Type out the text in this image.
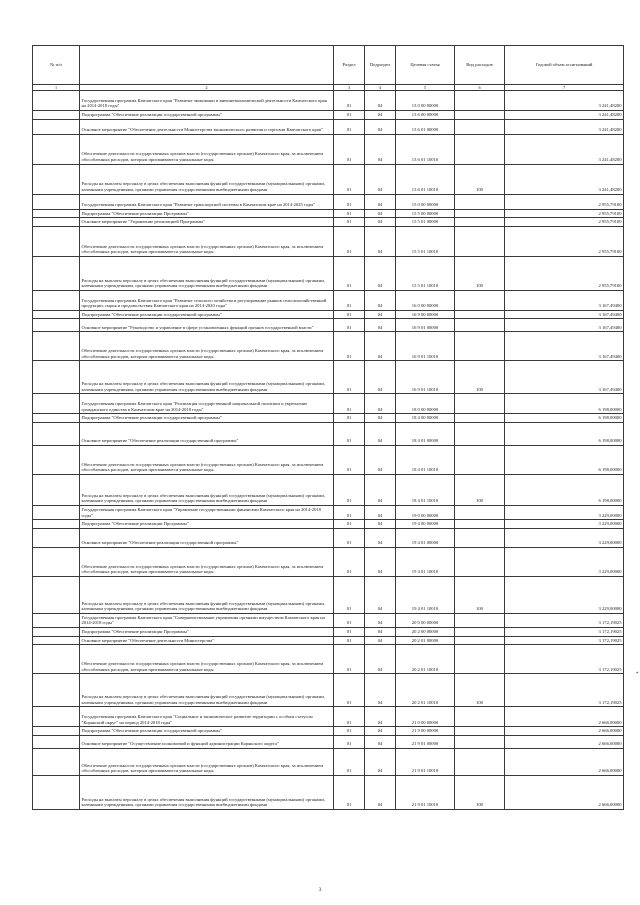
№ п/п		Раздел	Подраздел	Целевая статья	Вид расходов	Годовой объем ассигнований
1	2	3	4	5	6	7
	Государственная программа Камчатского края "Развитие экономики и внешнеэкономической деятельности Камчатского края на 2014-2018 годы"	01	04	13 0 00 00000		3 241,48200
	Подпрограмма "Обеспечение реализации государственной программы"	01	04	13 6 00 00000		3 241,48200
	Основное мероприятие "Обеспечение деятельности Министерства экономического развития и торговли Камчатского края"	01	04	13 6 01 00000		3 241,48200
	Обеспечение деятельности государственных органов власти (государственных органов) Камчатского края, за исключением обособленных расходов, которым присваиваются уникальные коды.	01	04	13 6 01 10010		3 241,48200
	Расходы на выплаты персоналу в целях обеспечения выполнения функций государственными (муниципальными) органами, казенными учреждениями, органами управления государственными внебюджетными фондами	01	04	13 6 01 10010	100	3 241,48200
	Государственная программа Камчатского края "Развитие транспортной системы в Камчатском крае на 2014-2025 годы"	01	04	15 0 00 00000		2 955,79100
	Подпрограмма "Обеспечение реализации Программы"	01	04	15 5 00 00000		2 955,79100
	Основное мероприятие "Управление реализацией Программы"	01	04	15 5 01 00000		2 955,79100
	Обеспечение деятельности государственных органов власти (государственных органов) Камчатского края, за исключением обособленных расходов, которым присваиваются уникальные коды.	01	04	15 5 01 10010		2 955,79100
	Расходы на выплаты персоналу в целях обеспечения выполнения функций государственными (муниципальными) органами, казенными учреждениями, органами управления государственными внебюджетными фондами	01	04	15 5 01 10010	100	2 955,79100
	Государственная программа Камчатского края "Развитие сельского хозяйства и регулирование рынков сельскохозяйственной продукции, сырья и продовольствия Камчатского края на 2014-2020 годы"	01	04	16 0 00 00000		3 167,49400
	Подпрограмма "Обеспечение реализации государственной программы"	01	04	16 9 00 00000		3 167,49400
	Основное мероприятие "Руководство и управление в сфере установленных функций органов государственной власти"	01	04	16 9 01 00000		3 167,49400
	Обеспечение деятельности государственных органов власти (государственных органов) Камчатского края, за исключением обособленных расходов, которым присваиваются уникальные коды.	01	04	16 9 01 10010		3 167,49400
	Расходы на выплаты персоналу в целях обеспечения выполнения функций государственными (муниципальными) органами, казенными учреждениями, органами управления государственными внебюджетными фондами	01	04	16 9 01 10010	100	3 167,49400
	Государственная программа Камчатского края "Реализация государственной национальной политики и укрепление гражданского единства в Камчатском крае на 2014-2018 годы"	01	04	18 0 00 00000		6 198,00000
	Подпрограмма "Обеспечение реализации государственной программы"	01	04	18 4 00 00000		6 198,00000
	Основное мероприятие "Обеспечение реализации государственной программы"	01	04	18 4 01 00000		6 198,00000
	Обеспечение деятельности государственных органов власти (государственных органов) Камчатского края, за исключением обособленных расходов, которым присваиваются уникальные коды.	01	04	18 4 01 10010		6 198,00000
	Расходы на выплаты персоналу в целях обеспечения выполнения функций государственными (муниципальными) органами, казенными учреждениями, органами управления государственными внебюджетными фондами	01	04	18 4 01 10010	100	6 198,00000
	Государственная программа Камчатского края "Управление государственными финансами Камчатского края на 2014-2018 годы"	01	04	19 0 00 00000		3 229,00000
	Подпрограмма "Обеспечение реализации Программы"	01	04	19 4 00 00000		3 229,00000
	Основное мероприятие "Обеспечение реализации государственной программы"	01	04	19 4 01 00000		3 229,00000
	Обеспечение деятельности государственных органов власти (государственных органов) Камчатского края, за исключением обособленных расходов, которым присваиваются уникальные коды.	01	04	19 4 01 10010		3 229,00000
	Расходы на выплаты персоналу в целях обеспечения выполнения функций государственными (муниципальными) органами, казенными учреждениями, органами управления государственными внебюджетными фондами	01	04	19 4 01 10010	100	3 229,00000
	Государственная программа Камчатского края "Совершенствование управления органами имуществом Камчатского края на 2014-2018 годы"	01	04	20 0 00 00000		3 172,19025
	Подпрограмма "Обеспечение реализации Программы"	01	04	20 2 00 00000		3 172,19025
	Основное мероприятие "Обеспечение деятельности Министерства"	01	04	20 2 01 00000		3 172,19025
	Обеспечение деятельности государственных органов власти (государственных органов) Камчатского края, за исключением обособленных расходов, которым присваиваются уникальные коды.	01	04	20 2 01 10010		3 172,19025
	Расходы на выплаты персоналу в целях обеспечения выполнения функций государственными (муниципальными) органами, казенными учреждениями, органами управления государственными внебюджетными фондами	01	04	20 2 01 10010	100	3 172,19025
	Государственная программа Камчатского края "Социальное и экономическое развитие территории с особым статусом "Корякский округ" на период 2014-2018 годы"	01	04	21 0 00 00000		2 666,00000
	Подпрограмма "Обеспечение реализации государственной программы"	01	04	21 9 00 00000		2 666,00000
	Основное мероприятие "Осуществление полномочий и функций администрации Корякского округа"	01	04	21 9 01 00000		2 666,00000
	Обеспечение деятельности государственных органов власти (государственных органов) Камчатского края, за исключением обособленных расходов, которым присваиваются уникальные коды.	01	04	21 9 01 10010		2 666,00000
	Расходы на выплаты персоналу в целях обеспечения выполнения функций государственными (муниципальными) органами, казенными учреждениями, органами управления государственными внебюджетными фондами	01	04	21 9 01 10010	100	2 666,00000
3
*
